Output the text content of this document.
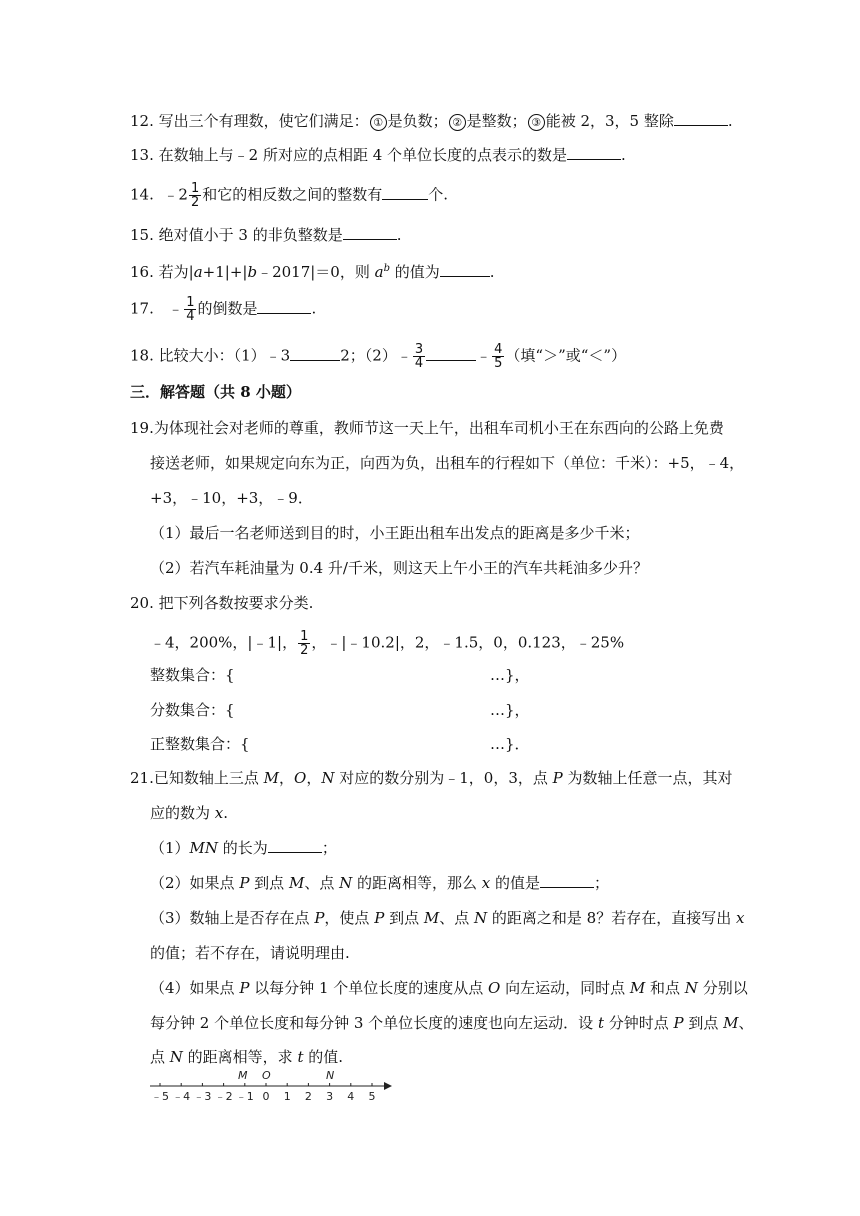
12. 写出三个有理数，使它们满足： ① 是负数； ② 是整数； ③ 能被 2，3，5 整除	.
13. 在数轴上与﹣2 所对应的点相距 4 个单位长度的点表示的数是	.
14. ﹣2 $\frac{1}{2}$ 和它的相反数之间的整数有	个.
15. 绝对值小于 3 的非负整数是	.
16. 若为|a+1|+|b﹣2017|＝0，则 $a^b$ 的值为	.
17. ﹣ $\frac{1}{4}$ 的倒数是	.
18. 比较大小：（1）﹣3	2；（2）﹣ $\frac{3}{4}$	﹣ $\frac{4}{5}$ （填“＞”或“＜”）
三．解答题（共 8 小题）
19.为体现社会对老师的尊重，教师节这一天上午，出租车司机小王在东西向的公路上免费
接送老师，如果规定向东为正，向西为负，出租车的行程如下（单位：千米）：+5，﹣4，
+3，﹣10，+3，﹣9．
（1）最后一名老师送到目的时，小王距出租车出发点的距离是多少千米；
（2）若汽车耗油量为 0.4 升/千米，则这天上午小王的汽车共耗油多少升？
20. 把下列各数按要求分类.
﹣4，200%，|﹣1|， $\frac{1}{2}$ ，﹣|﹣10.2|，2，﹣1.5，0，0.123，﹣25%
整数集合：{	…}，
分数集合：{	…}，
正整数集合：{	…}．
21.已知数轴上三点 M，O，N 对应的数分别为﹣1，0，3，点 P 为数轴上任意一点，其对
应的数为 x.
（1）MN 的长为	；
（2）如果点 P 到点 M、点 N 的距离相等，那么 x 的值是	；
（3）数轴上是否存在点 P，使点 P 到点 M、点 N 的距离之和是 8？若存在，直接写出 x
的值；若不存在，请说明理由.
（4）如果点 P 以每分钟 1 个单位长度的速度从点 O 向左运动，同时点 M 和点 N 分别以
每分钟 2 个单位长度和每分钟 3 个单位长度的速度也向左运动．设 t 分钟时点 P 到点 M、
点 N 的距离相等，求 t 的值.
﹣5 ﹣4 ﹣3 ﹣2 ﹣1 0 1 2 3 4 5
M O	N
